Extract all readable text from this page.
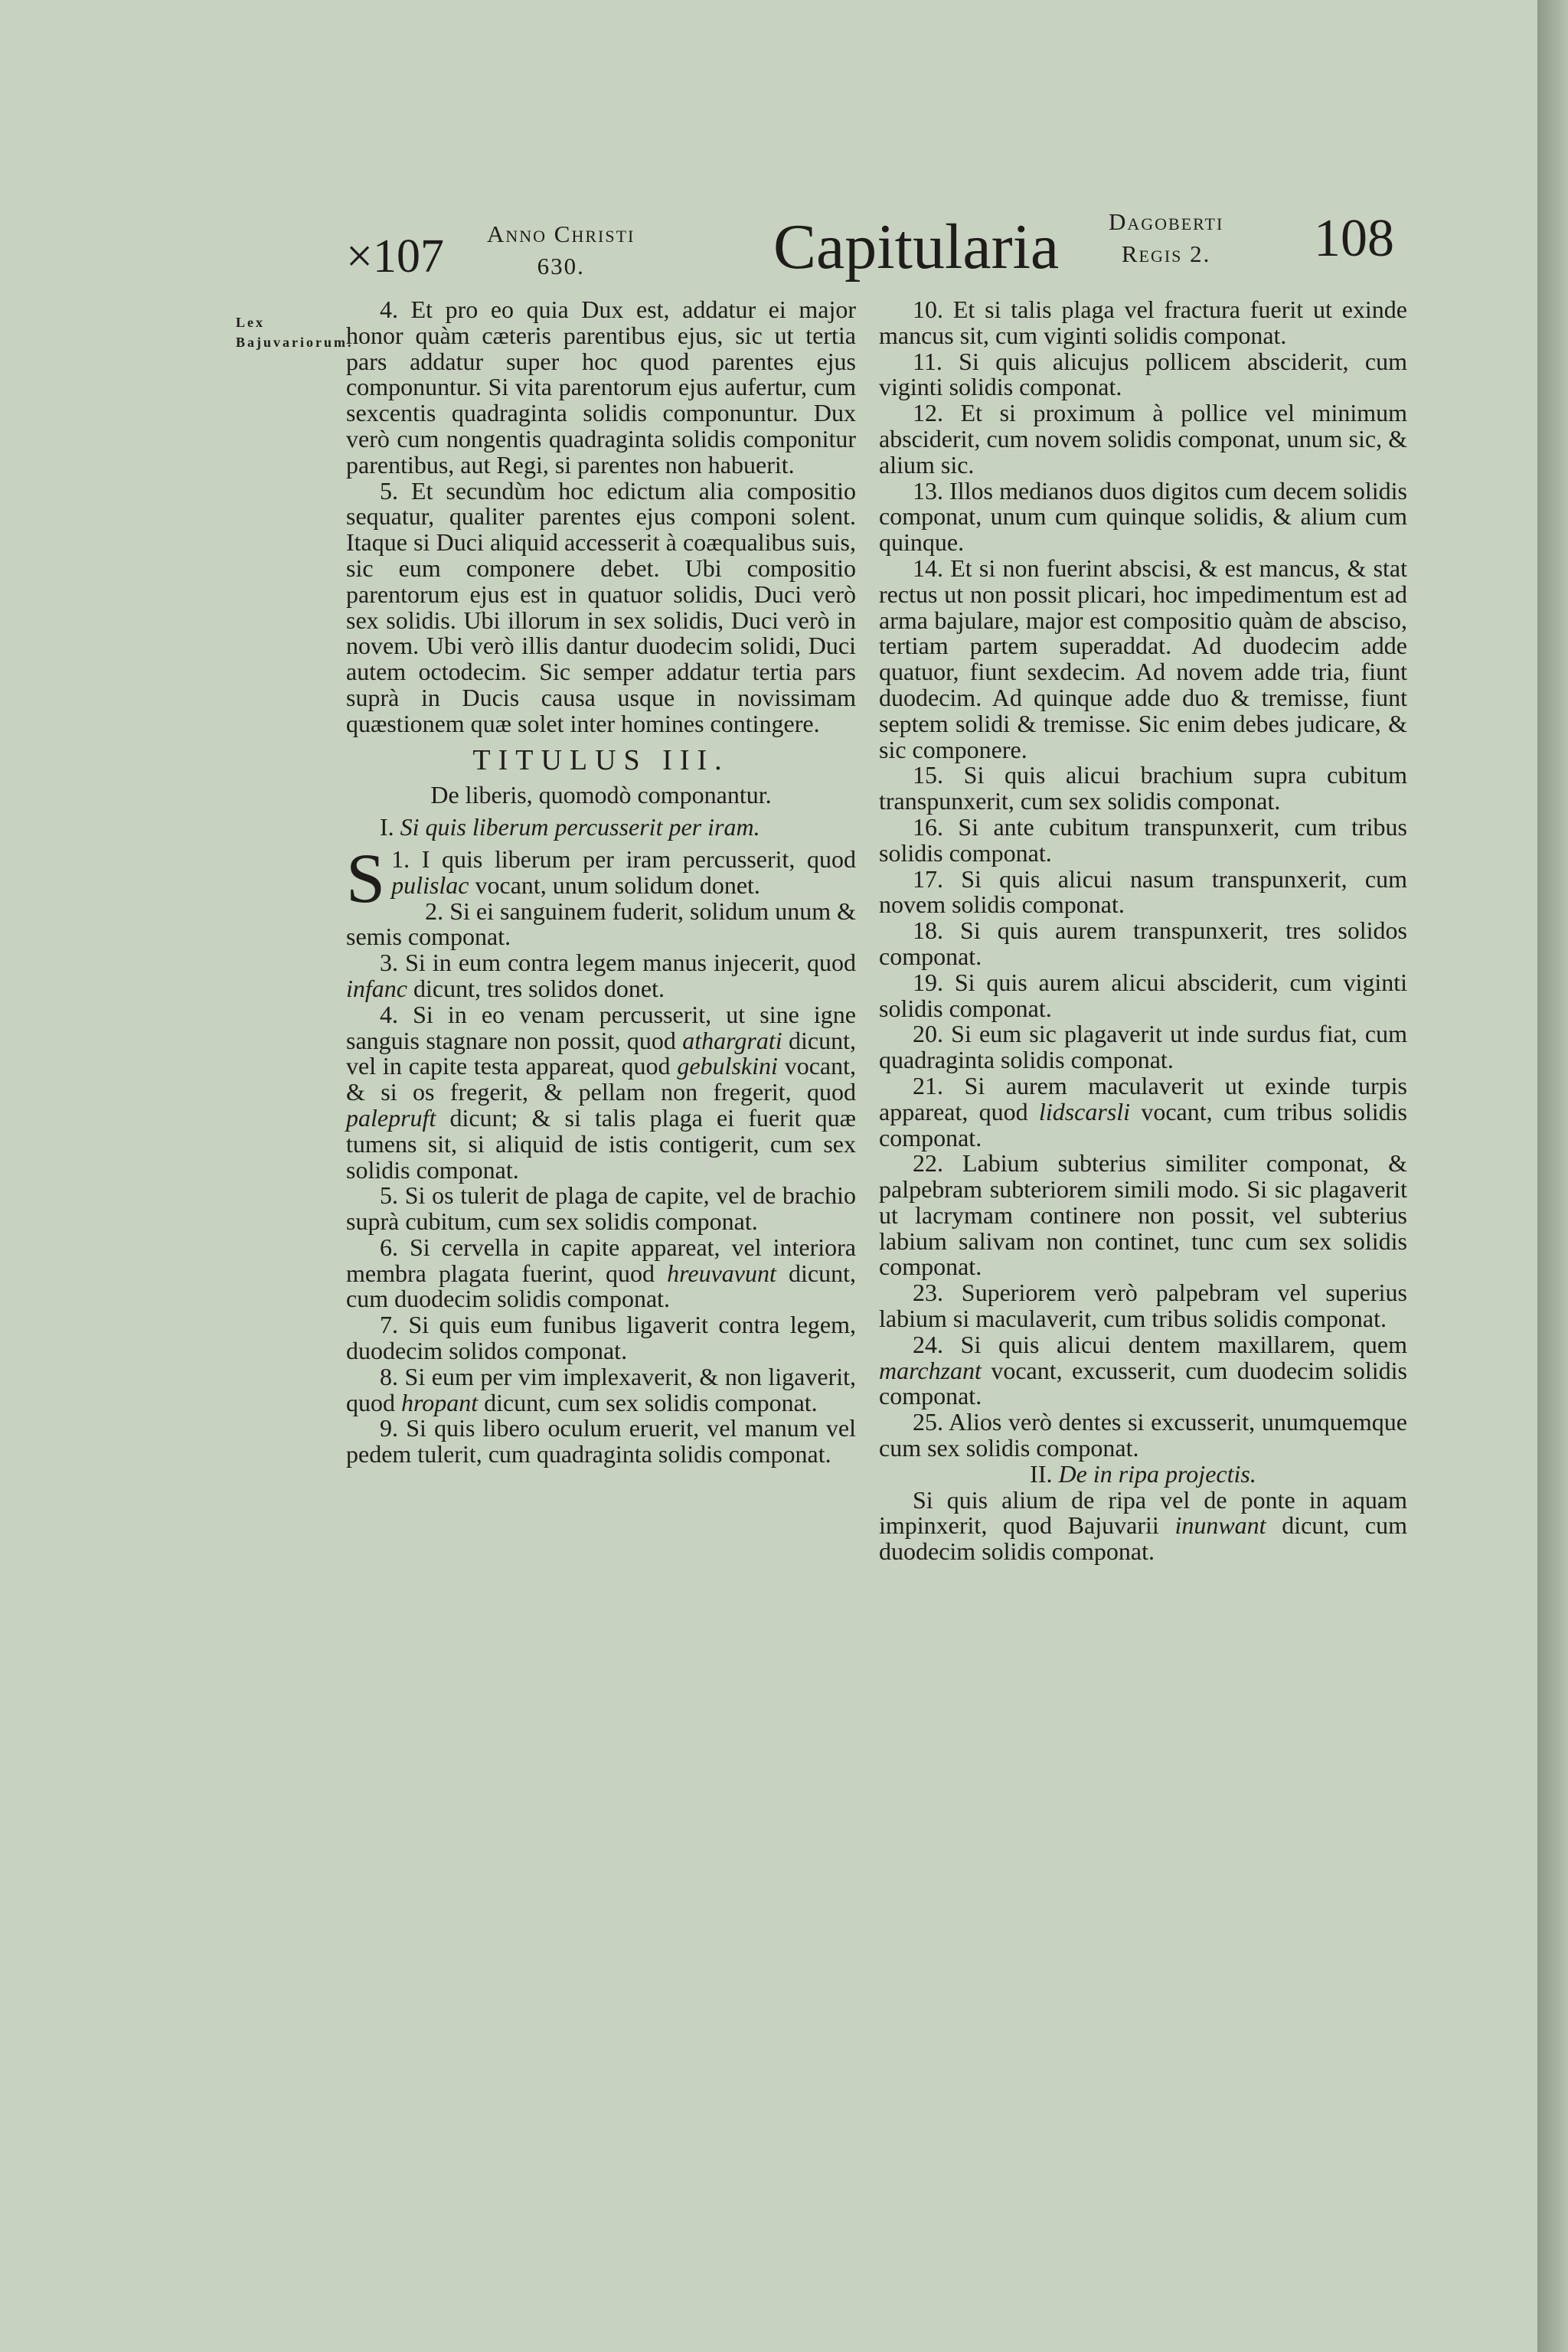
×107 Anno Christi
630.	Capitularia Dagoberti
Regis 2. 108
Lex Bajuvariorum.

4. Et pro eo quia Dux est, addatur ei major honor quàm cæteris parentibus ejus, sic ut tertia pars addatur super hoc quod parentes ejus componuntur. Si vita parentorum ejus aufertur, cum sexcentis quadraginta solidis componuntur. Dux verò cum nongentis quadraginta solidis componitur parentibus, aut Regi, si parentes non habuerit.

5. Et secundùm hoc edictum alia compositio sequatur, qualiter parentes ejus componi solent. Itaque si Duci aliquid accesserit à coæqualibus suis, sic eum componere debet. Ubi compositio parentorum ejus est in quatuor solidis, Duci verò sex solidis. Ubi illorum in sex solidis, Duci verò in novem. Ubi verò illis dantur duodecim solidi, Duci autem octodecim. Sic semper addatur tertia pars suprà in Ducis causa usque in novissimam quæstionem quæ solet inter homines contingere.

TITULUS III.

De liberis, quomodò componantur.

I. Si quis liberum percusserit per iram.

1.
S I quis liberum per iram percusserit, quod pulislac vocant, unum solidum donet.

2. Si ei sanguinem fuderit, solidum unum & semis componat.

3. Si in eum contra legem manus injecerit, quod infanc dicunt, tres solidos donet.

4. Si in eo venam percusserit, ut sine igne sanguis stagnare non possit, quod athargrati dicunt, vel in capite testa appareat, quod gebulskini vocant, & si os fregerit, & pellam non fregerit, quod palepruft dicunt; & si talis plaga ei fuerit quæ tumens sit, si aliquid de istis contigerit, cum sex solidis componat.

5. Si os tulerit de plaga de capite, vel de brachio suprà cubitum, cum sex solidis componat.

6. Si cervella in capite appareat, vel interiora membra plagata fuerint, quod hreuvavunt dicunt, cum duodecim solidis componat.

7. Si quis eum funibus ligaverit contra legem, duodecim solidos componat.

8. Si eum per vim implexaverit, & non ligaverit, quod hropant dicunt, cum sex solidis componat.

9. Si quis libero oculum eruerit, vel manum vel pedem tulerit, cum quadraginta solidis componat.

10. Et si talis plaga vel fractura fuerit ut exinde mancus sit, cum viginti solidis componat.

11. Si quis alicujus pollicem absciderit, cum viginti solidis componat.

12. Et si proximum à pollice vel minimum absciderit, cum novem solidis componat, unum sic, & alium sic.

13. Illos medianos duos digitos cum decem solidis componat, unum cum quinque solidis, & alium cum quinque.

14. Et si non fuerint abscisi, & est mancus, & stat rectus ut non possit plicari, hoc impedimentum est ad arma bajulare, major est compositio quàm de absciso, tertiam partem superaddat. Ad duodecim adde quatuor, fiunt sexdecim. Ad novem adde tria, fiunt duodecim. Ad quinque adde duo & tremisse, fiunt septem solidi & tremisse. Sic enim debes judicare, & sic componere.

15. Si quis alicui brachium supra cubitum transpunxerit, cum sex solidis componat.

16. Si ante cubitum transpunxerit, cum tribus solidis componat.

17. Si quis alicui nasum transpunxerit, cum novem solidis componat.

18. Si quis aurem transpunxerit, tres solidos componat.

19. Si quis aurem alicui absciderit, cum viginti solidis componat.

20. Si eum sic plagaverit ut inde surdus fiat, cum quadraginta solidis componat.

21. Si aurem maculaverit ut exinde turpis appareat, quod lidscarsli vocant, cum tribus solidis componat.

22. Labium subterius similiter componat, & palpebram subteriorem simili modo. Si sic plagaverit ut lacrymam continere non possit, vel subterius labium salivam non continet, tunc cum sex solidis componat.

23. Superiorem verò palpebram vel superius labium si maculaverit, cum tribus solidis componat.

24. Si quis alicui dentem maxillarem, quem marchzant vocant, excusserit, cum duodecim solidis componat.

25. Alios verò dentes si excusserit, unumquemque cum sex solidis componat.

II. De in ripa projectis.

Si quis alium de ripa vel de ponte in aquam impinxerit, quod Bajuvarii inunwant dicunt, cum duodecim solidis componat.
